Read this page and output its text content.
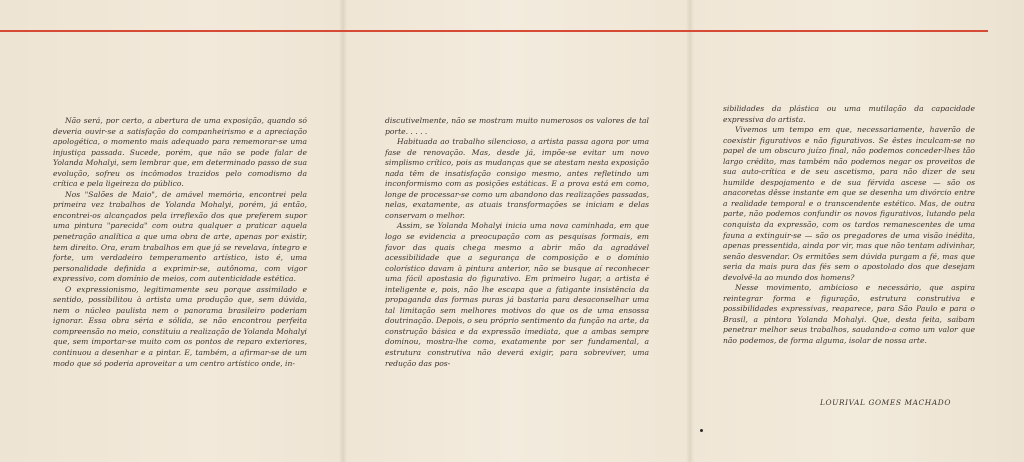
Não será, por certo, a abertura de uma exposição, quando só deveria ouvir-se a satisfação do companheirismo e a apreciação apologética, o momento mais adequado para rememorar-se uma injustiça passada. Sucede, porém, que não se pode falar de Yolanda Mohalyi, sem lembrar que, em determinado passo de sua evolução, sofreu os incômodos trazidos pelo comodismo da crítica e pela ligeireza do público.

Nos "Salões de Maio", de amável memória, encontrei pela primeira vez trabalhos de Yolanda Mohalyi, porém, já então, encontrei-os alcançados pela irreflexão dos que preferem supor uma pintura "parecida" com outra qualquer a praticar aquela penetração analítica a que uma obra de arte, apenas por existir, tem direito. Ora, eram trabalhos em que já se revelava, íntegro e forte, um verdadeiro temperamento artístico, isto é, uma personalidade definida a exprimir-se, autônoma, com vigor expressivo, com domínio de meios, com autenticidade estética.

O expressionismo, legitimamente seu porque assimilado e sentido, possibilitou à artista uma produção que, sem dúvida, nem o núcleo paulista nem o panorama brasileiro poderiam ignorar. Essa obra séria e sólida, se não encontrou perfeita compreensão no meio, constituiu a realização de Yolanda Mohalyi que, sem importar-se muito com os pontos de reparo exteriores, continuou a desenhar e a pintar. E, também, a afirmar-se de um modo que só poderia aproveitar a um centro artístico onde, in-

discutivelmente, não se mostram muito numerosos os valores de tal porte. . . . .

Habituada ao trabalho silencioso, a artista passa agora por uma fase de renovação. Mas, desde já, impõe-se evitar um novo simplismo crítico, pois as mudanças que se atestam nesta exposição nada têm de insatisfação consigo mesmo, antes refletindo um inconformismo com as posições estáticas. E a prova está em como, longe de processar-se como um abandono das realizações passadas, nelas, exatamente, as atuais transformações se iniciam e delas conservam o melhor.

Assim, se Yolanda Mohalyi inicia uma nova caminhada, em que logo se evidencia a preocupação com as pesquisas formais, em favor das quais chega mesmo a abrir mão da agradável acessibilidade que a segurança de composição e o domínio colorístico davam à pintura anterior, não se busque aí reconhecer uma fácil apostasia do figurativo. Em primeiro lugar, a artista é inteligente e, pois, não lhe escapa que a fatigante insistência da propaganda das formas puras já bastaria para desaconselhar uma tal limitação sem melhores motivos do que os de uma ensossa doutrinação. Depois, o seu próprio sentimento da função na arte, da construção básica e da expressão imediata, que a ambas sempre dominou, mostra-lhe como, exatamente por ser fundamental, a estrutura construtiva não deverá exigir, para sobreviver, uma redução das pos-

sibilidades da plástica ou uma mutilação da capacidade expressiva do artista.

Vivemos um tempo em que, necessariamente, haverão de coexistir figurativos e não figurativos. Se êstes inculcam-se no papel de um obscuro juízo final, não podemos conceder-lhes tão largo crédito, mas também não podemos negar os proveitos de sua auto-crítica e de seu ascetismo, para não dizer de seu humilde despojamento e de sua férvida ascese — são os anacoretas dêsse instante em que se desenha um divórcio entre a realidade temporal e o transcendente estético. Mas, de outra parte, não podemos confundir os novos figurativos, lutando pela conquista da expressão, com os tardos remanescentes de uma fauna a extinguir-se — são os pregadores de uma visão inédita, apenas pressentida, ainda por vir, mas que não tentam adivinhar, senão desvendar. Os ermitões sem dúvida purgam a fé, mas que seria da mais pura das fés sem o apostolado dos que desejam devolvê-la ao mundo dos homens?

Nesse movimento, ambicioso e necessário, que aspira reintegrar forma e figuração, estrutura construtiva e possibilidades expressivas, reaparece, para São Paulo e para o Brasil, a pintora Yolanda Mohalyi. Que, desta feita, saibam penetrar melhor seus trabalhos, saudando-a como um valor que não podemos, de forma alguma, isolar de nossa arte.

LOURIVAL GOMES MACHADO
